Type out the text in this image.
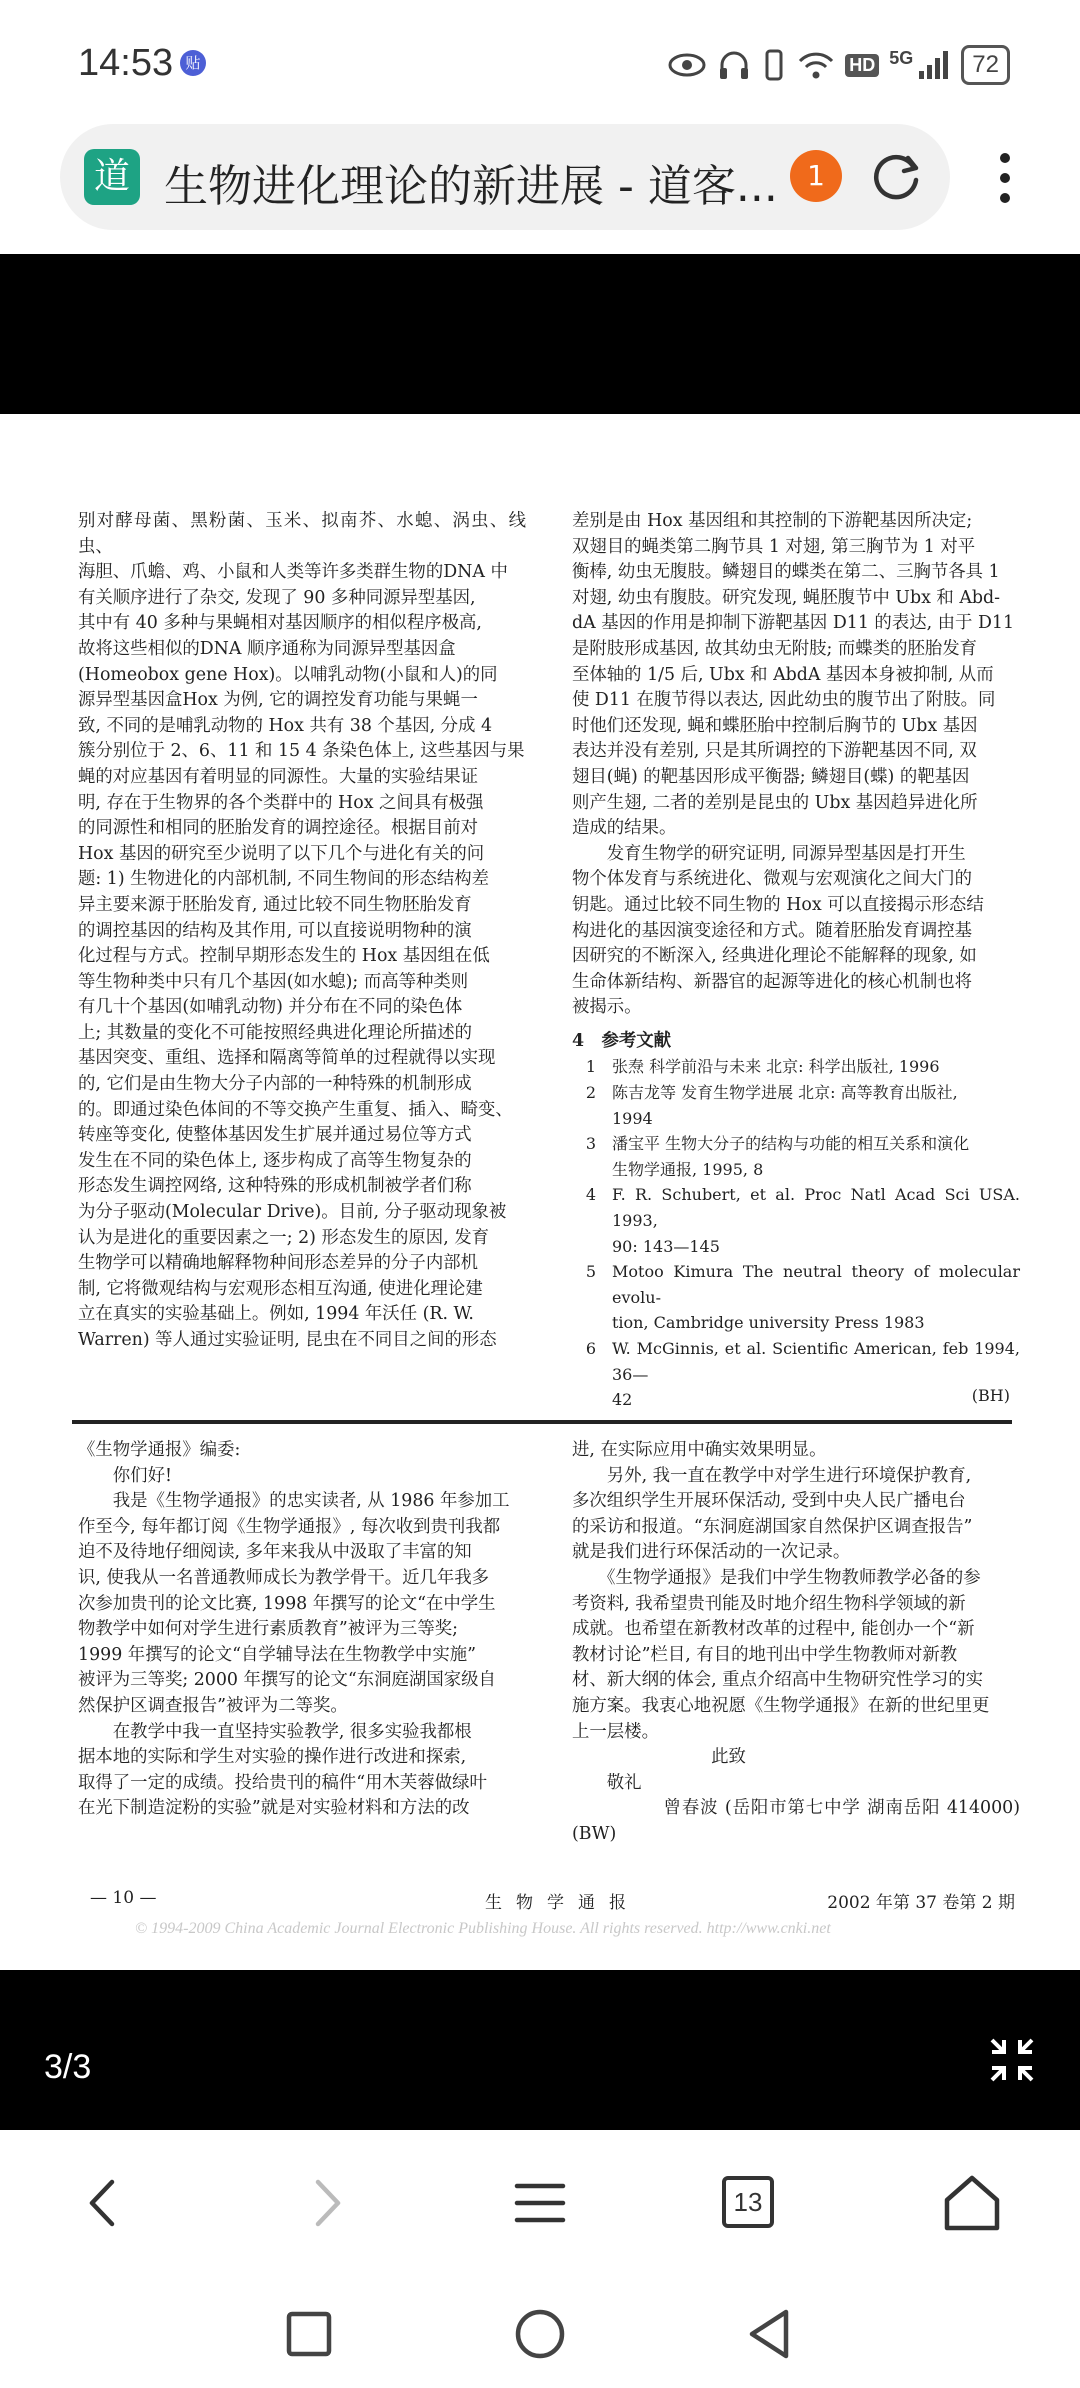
14:53 贴	HD 5G	72
道 生物进化理论的新进展 - 道客...	1

别对酵母菌、黑粉菌、玉米、拟南芥、水螅、涡虫、线虫、

海胆、爪蟾、鸡、小鼠和人类等许多类群生物的DNA 中

有关顺序进行了杂交, 发现了 90 多种同源异型基因,

其中有 40 多种与果蝇相对基因顺序的相似程序极高,

故将这些相似的DNA 顺序通称为同源异型基因盒

(Homeobox gene Hox)。以哺乳动物(小鼠和人)的同

源异型基因盒Hox 为例, 它的调控发育功能与果蝇一

致, 不同的是哺乳动物的 Hox 共有 38 个基因, 分成 4

簇分别位于 2、6、11 和 15 4 条染色体上, 这些基因与果

蝇的对应基因有着明显的同源性。大量的实验结果证

明, 存在于生物界的各个类群中的 Hox 之间具有极强

的同源性和相同的胚胎发育的调控途径。根据目前对

Hox 基因的研究至少说明了以下几个与进化有关的问

题: 1) 生物进化的内部机制, 不同生物间的形态结构差

异主要来源于胚胎发育, 通过比较不同生物胚胎发育

的调控基因的结构及其作用, 可以直接说明物种的演

化过程与方式。控制早期形态发生的 Hox 基因组在低

等生物种类中只有几个基因(如水螅); 而高等种类则

有几十个基因(如哺乳动物) 并分布在不同的染色体

上; 其数量的变化不可能按照经典进化理论所描述的

基因突变、重组、选择和隔离等简单的过程就得以实现

的, 它们是由生物大分子内部的一种特殊的机制形成

的。即通过染色体间的不等交换产生重复、插入、畸变、

转座等变化, 使整体基因发生扩展并通过易位等方式

发生在不同的染色体上, 逐步构成了高等生物复杂的

形态发生调控网络, 这种特殊的形成机制被学者们称

为分子驱动(Molecular Drive)。目前, 分子驱动现象被

认为是进化的重要因素之一; 2) 形态发生的原因, 发育

生物学可以精确地解释物种间形态差异的分子内部机

制, 它将微观结构与宏观形态相互沟通, 使进化理论建

立在真实的实验基础上。例如, 1994 年沃任 (R. W.

Warren) 等人通过实验证明, 昆虫在不同目之间的形态

差别是由 Hox 基因组和其控制的下游靶基因所决定;

双翅目的蝇类第二胸节具 1 对翅, 第三胸节为 1 对平

衡棒, 幼虫无腹肢。鳞翅目的蝶类在第二、三胸节各具 1

对翅, 幼虫有腹肢。研究发现, 蝇胚腹节中 Ubx 和 Abd-

dA 基因的作用是抑制下游靶基因 D11 的表达, 由于 D11

是附肢形成基因, 故其幼虫无附肢; 而蝶类的胚胎发育

至体轴的 1/5 后, Ubx 和 AbdA 基因本身被抑制, 从而

使 D11 在腹节得以表达, 因此幼虫的腹节出了附肢。同

时他们还发现, 蝇和蝶胚胎中控制后胸节的 Ubx 基因

表达并没有差别, 只是其所调控的下游靶基因不同, 双

翅目(蝇) 的靶基因形成平衡器; 鳞翅目(蝶) 的靶基因

则产生翅, 二者的差别是昆虫的 Ubx 基因趋异进化所

造成的结果。

　　发育生物学的研究证明, 同源异型基因是打开生

物个体发育与系统进化、微观与宏观演化之间大门的

钥匙。通过比较不同生物的 Hox 可以直接揭示形态结

构进化的基因演变途径和方式。随着胚胎发育调控基

因研究的不断深入, 经典进化理论不能解释的现象, 如

生命体新结构、新器官的起源等进化的核心机制也将

被揭示。

4　参考文献

1 张焘 科学前沿与未来 北京: 科学出版社, 1996
2 陈吉龙等 发育生物学进展 北京: 高等教育出版社,
1994
3 潘宝平 生物大分子的结构与功能的相互关系和演化
生物学通报, 1995, 8
4 F. R. Schubert, et al. Proc Natl Acad Sci USA. 1993,
90: 143—145
5 Motoo Kimura The neutral theory of molecular evolu-
tion, Cambridge university Press 1983
6 W. McGinnis, et al. Scientific American, feb 1994, 36—
42	(BH)

《生物学通报》编委:

　　你们好!

　　我是《生物学通报》的忠实读者, 从 1986 年参加工

作至今, 每年都订阅《生物学通报》, 每次收到贵刊我都

迫不及待地仔细阅读, 多年来我从中汲取了丰富的知

识, 使我从一名普通教师成长为教学骨干。近几年我多

次参加贵刊的论文比赛, 1998 年撰写的论文“在中学生

物教学中如何对学生进行素质教育”被评为三等奖;

1999 年撰写的论文“自学辅导法在生物教学中实施”

被评为三等奖; 2000 年撰写的论文“东洞庭湖国家级自

然保护区调查报告”被评为二等奖。

　　在教学中我一直坚持实验教学, 很多实验我都根

据本地的实际和学生对实验的操作进行改进和探索,

取得了一定的成绩。投给贵刊的稿件“用木芙蓉做绿叶

在光下制造淀粉的实验”就是对实验材料和方法的改

进, 在实际应用中确实效果明显。

　　另外, 我一直在教学中对学生进行环境保护教育,

多次组织学生开展环保活动, 受到中央人民广播电台

的采访和报道。“东洞庭湖国家自然保护区调查报告”

就是我们进行环保活动的一次记录。

　　《生物学通报》是我们中学生物教师教学必备的参

考资料, 我希望贵刊能及时地介绍生物科学领域的新

成就。也希望在新教材改革的过程中, 能创办一个“新

教材讨论”栏目, 有目的地刊出中学生物教师对新教

材、新大纲的体会, 重点介绍高中生物研究性学习的实

施方案。我衷心地祝愿《生物学通报》在新的世纪里更

上一层楼。

　　　　　　　　此致

　　敬礼

　　　　　曾春波 (岳阳市第七中学 湖南岳阳 414000) (BW)

— 10 —	生物学通报	2002 年第 37 卷第 2 期
© 1994-2009 China Academic Journal Electronic Publishing House. All rights reserved. http://www.cnki.net
3/3
13
